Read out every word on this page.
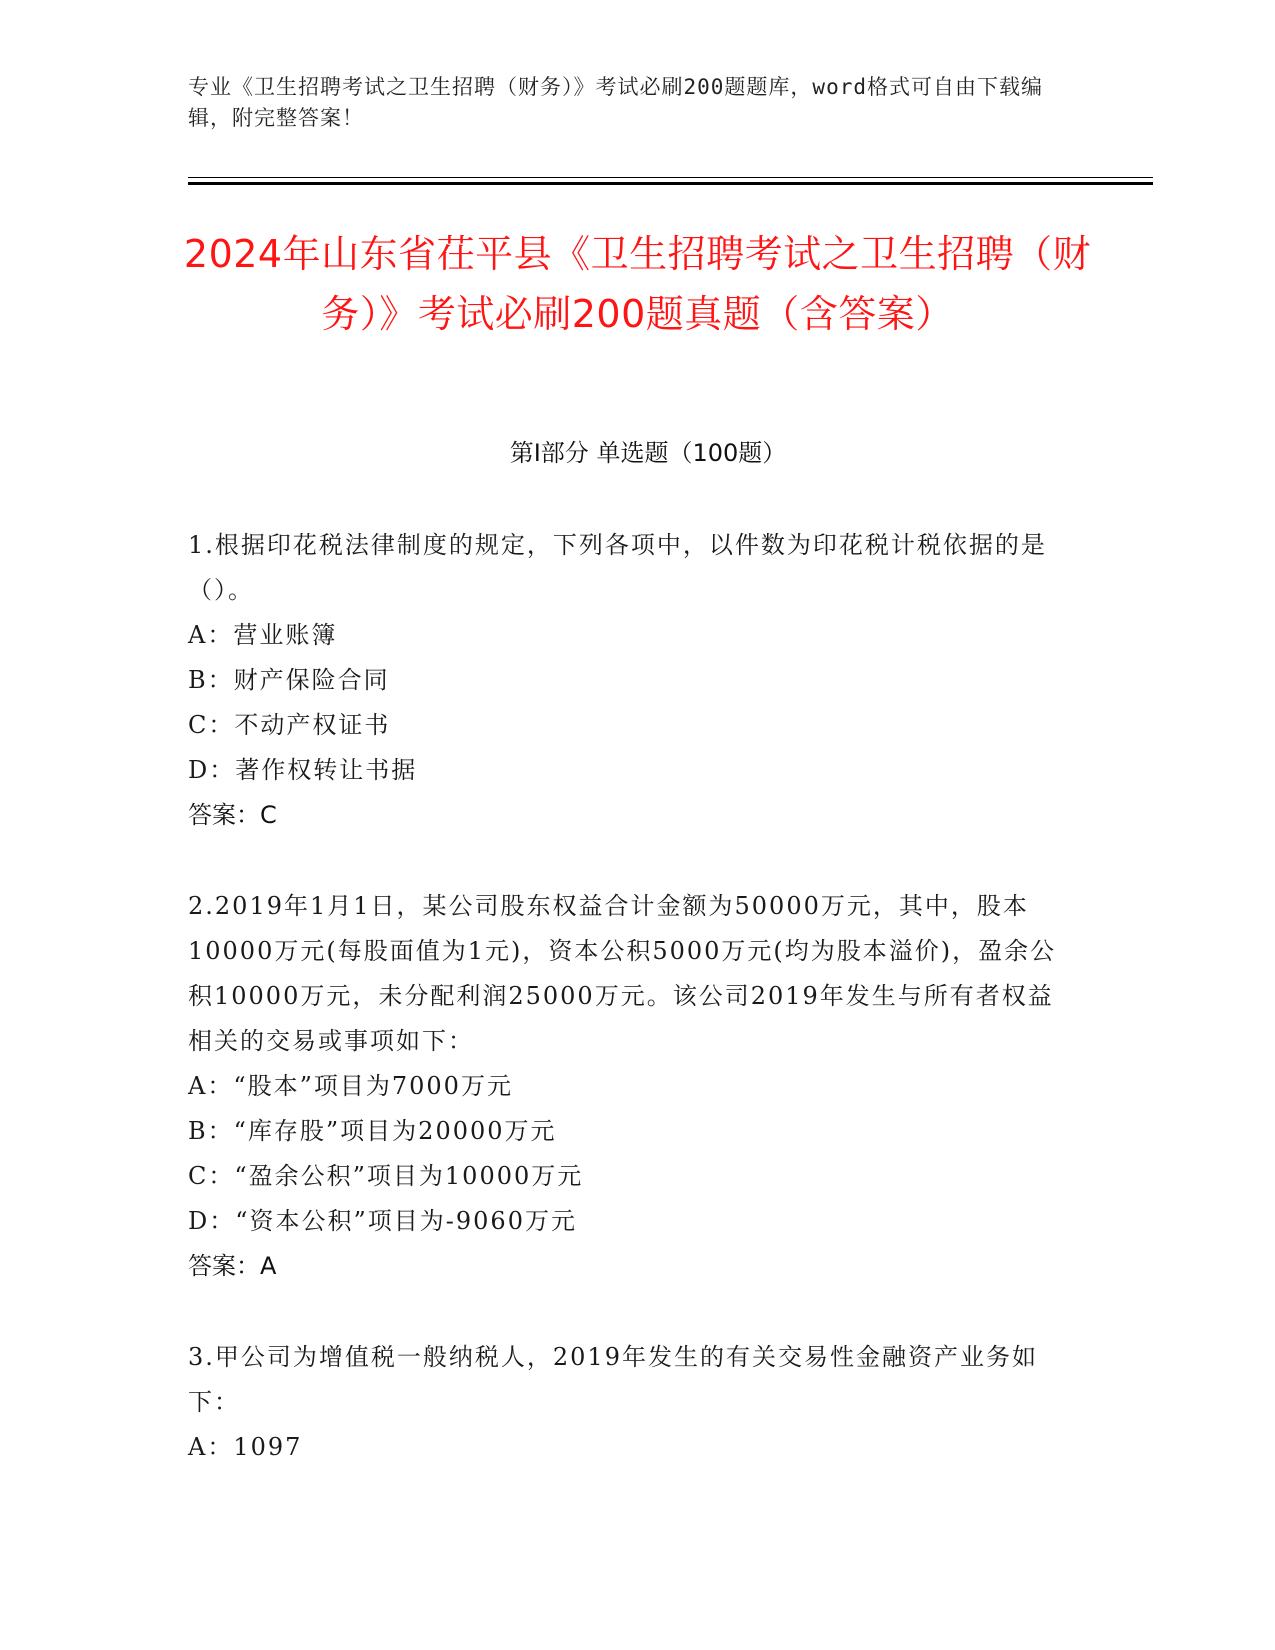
专业《卫生招聘考试之卫生招聘（财务）》考试必刷200题题库，word格式可自由下载编辑，附完整答案！
2024年山东省茌平县《卫生招聘考试之卫生招聘（财务）》考试必刷200题真题（含答案）
第I部分 单选题（100题）
1.根据印花税法律制度的规定，下列各项中，以件数为印花税计税依据的是（）。
A：营业账簿
B：财产保险合同
C：不动产权证书
D：著作权转让书据
答案：C
2.2019年1月1日，某公司股东权益合计金额为50000万元，其中，股本10000万元(每股面值为1元)，资本公积5000万元(均为股本溢价)，盈余公积10000万元，未分配利润25000万元。该公司2019年发生与所有者权益相关的交易或事项如下：
A：“股本”项目为7000万元
B：“库存股”项目为20000万元
C：“盈余公积”项目为10000万元
D：“资本公积”项目为-9060万元
答案：A
3.甲公司为增值税一般纳税人，2019年发生的有关交易性金融资产业务如下：
A：1097
